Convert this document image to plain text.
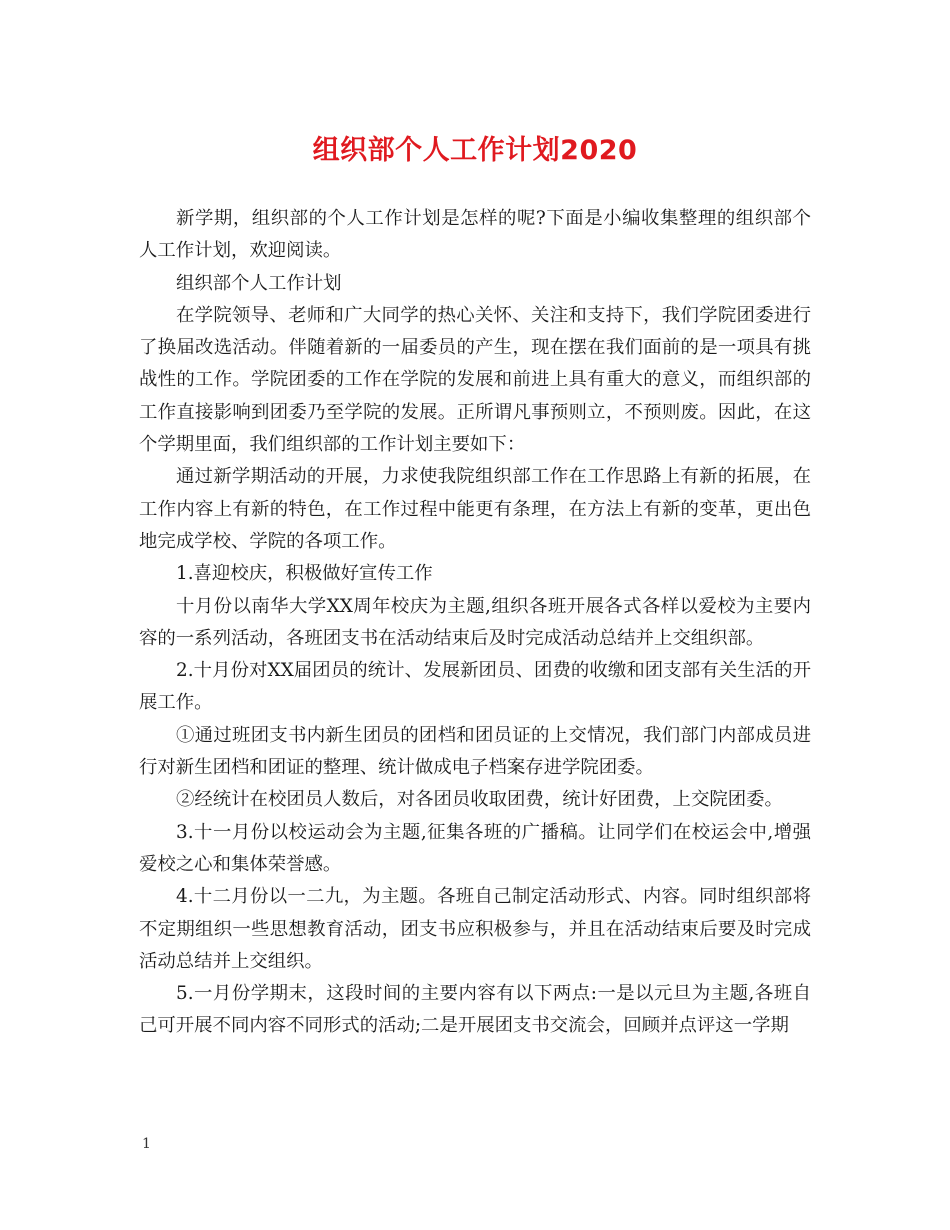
组织部个人工作计划2020

新学期，组织部的个人工作计划是怎样的呢?下面是小编收集整理的组织部个人工作计划，欢迎阅读。

组织部个人工作计划

在学院领导、老师和广大同学的热心关怀、关注和支持下，我们学院团委进行了换届改选活动。伴随着新的一届委员的产生，现在摆在我们面前的是一项具有挑战性的工作。学院团委的工作在学院的发展和前进上具有重大的意义，而组织部的工作直接影响到团委乃至学院的发展。正所谓凡事预则立，不预则废。因此，在这个学期里面，我们组织部的工作计划主要如下：

通过新学期活动的开展，力求使我院组织部工作在工作思路上有新的拓展，在工作内容上有新的特色，在工作过程中能更有条理，在方法上有新的变革，更出色地完成学校、学院的各项工作。

1.喜迎校庆，积极做好宣传工作

十月份以南华大学XX周年校庆为主题,组织各班开展各式各样以爱校为主要内容的一系列活动，各班团支书在活动结束后及时完成活动总结并上交组织部。

2.十月份对XX届团员的统计、发展新团员、团费的收缴和团支部有关生活的开展工作。

①通过班团支书内新生团员的团档和团员证的上交情况，我们部门内部成员进行对新生团档和团证的整理、统计做成电子档案存进学院团委。

②经统计在校团员人数后，对各团员收取团费，统计好团费，上交院团委。

3.十一月份以校运动会为主题,征集各班的广播稿。让同学们在校运会中,增强爱校之心和集体荣誉感。

4.十二月份以一二九，为主题。各班自己制定活动形式、内容。同时组织部将不定期组织一些思想教育活动，团支书应积极参与，并且在活动结束后要及时完成活动总结并上交组织。

5.一月份学期末，这段时间的主要内容有以下两点:一是以元旦为主题,各班自己可开展不同内容不同形式的活动;二是开展团支书交流会，回顾并点评这一学期

1
